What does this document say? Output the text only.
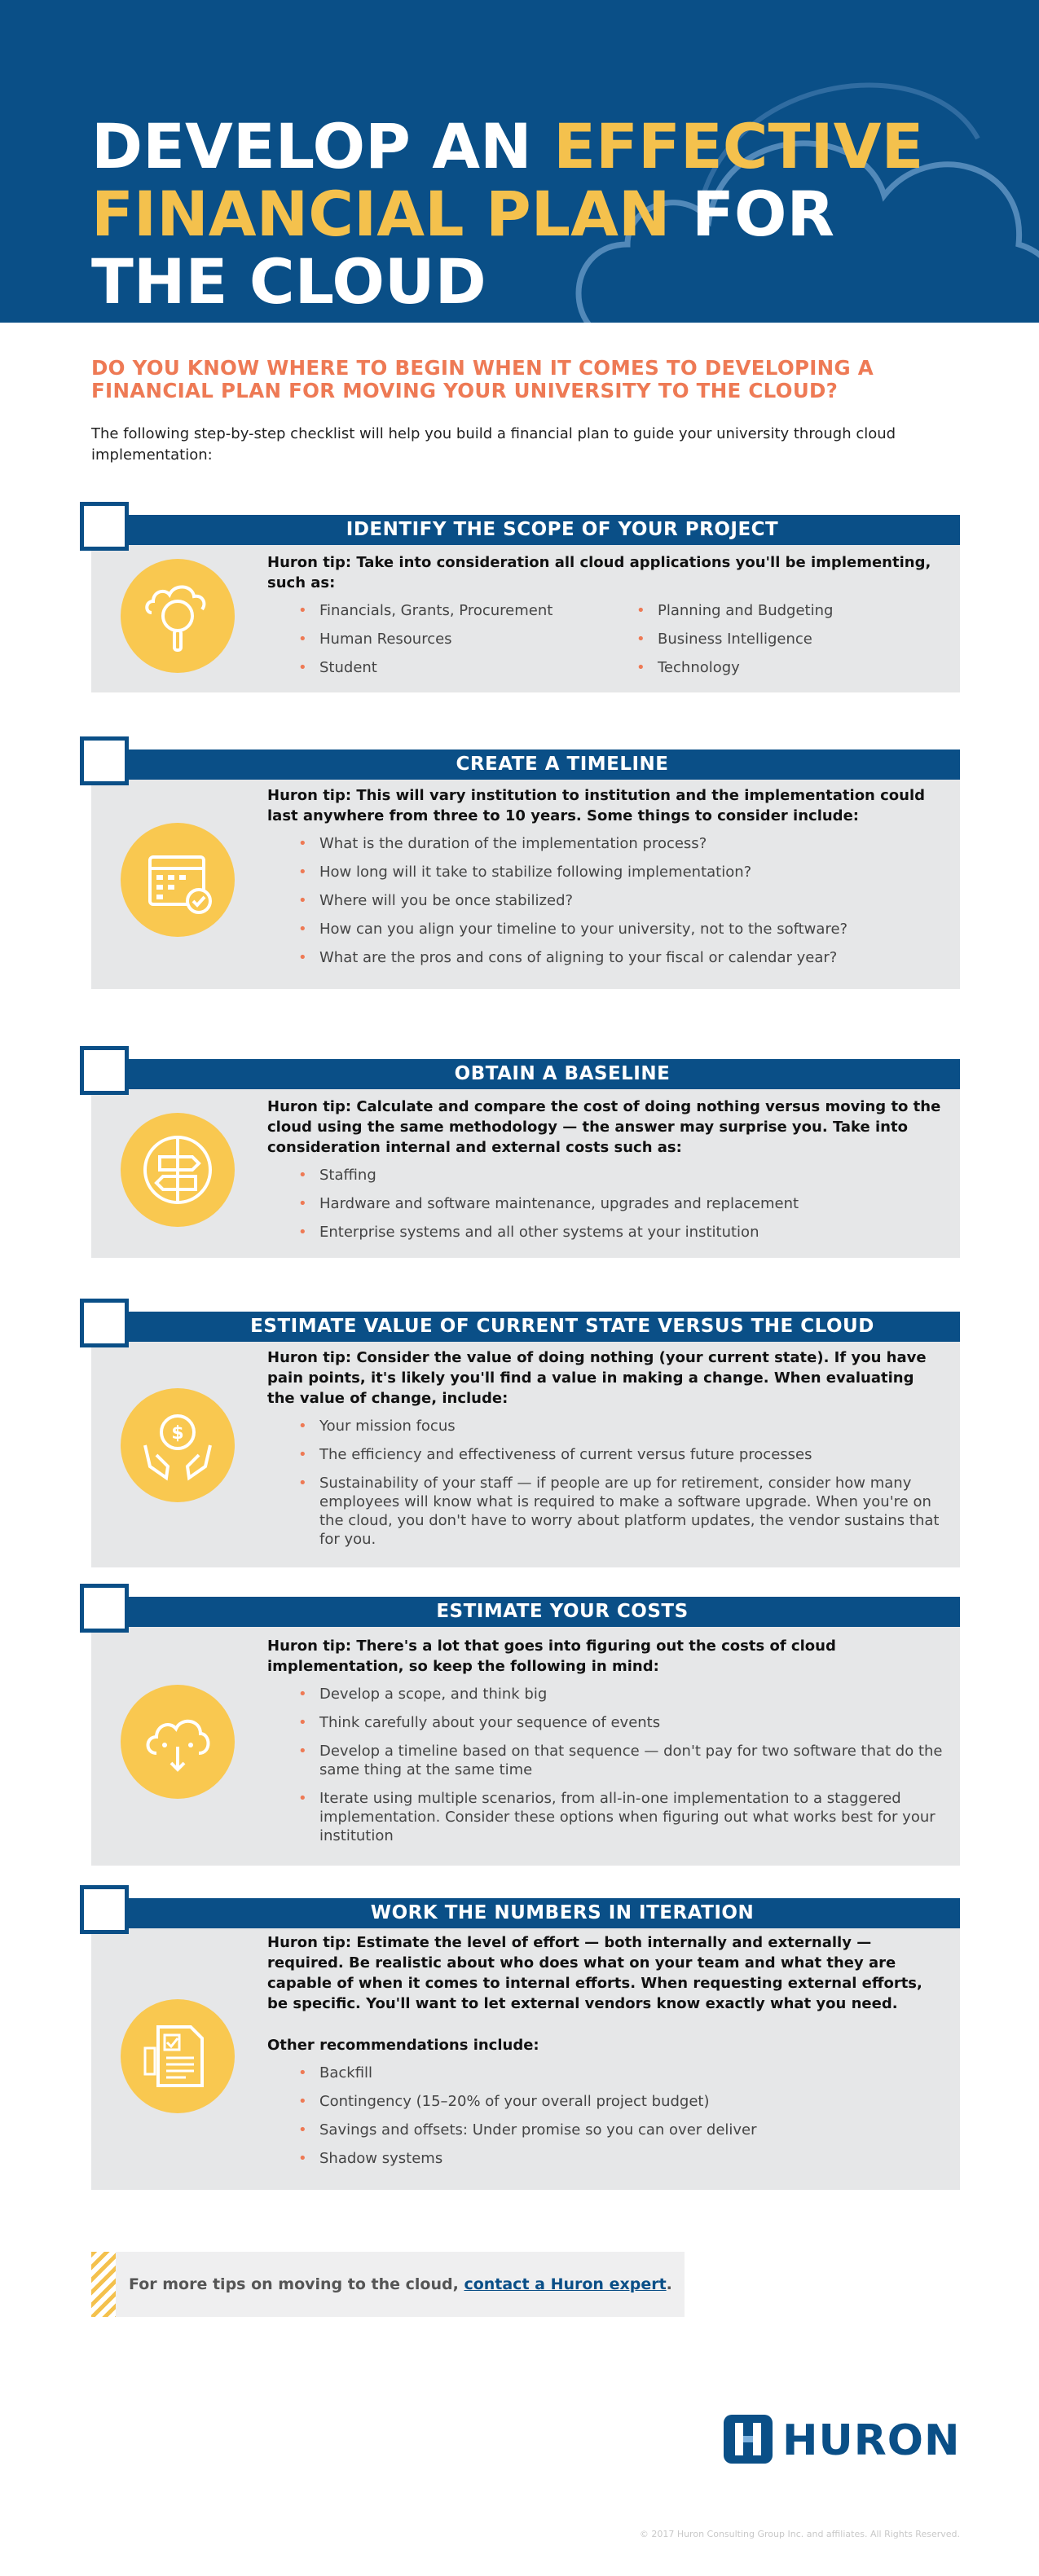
DEVELOP AN EFFECTIVE
FINANCIAL PLAN FOR
THE CLOUD

DO YOU KNOW WHERE TO BEGIN WHEN IT COMES TO DEVELOPING A FINANCIAL PLAN FOR MOVING YOUR UNIVERSITY TO THE CLOUD?

The following step-by-step checklist will help you build a financial plan to guide your university through cloud implementation:

IDENTIFY THE SCOPE OF YOUR PROJECT

Huron tip: Take into consideration all cloud applications you'll be implementing, such as:

• Financials, Grants, Procurement
• Human Resources
• Student
• Planning and Budgeting
• Business Intelligence
• Technology
CREATE A TIMELINE

Huron tip: This will vary institution to institution and the implementation could last anywhere from three to 10 years. Some things to consider include:

• What is the duration of the implementation process?
• How long will it take to stabilize following implementation?
• Where will you be once stabilized?
• How can you align your timeline to your university, not to the software?
• What are the pros and cons of aligning to your fiscal or calendar year?
OBTAIN A BASELINE

Huron tip: Calculate and compare the cost of doing nothing versus moving to the cloud using the same methodology — the answer may surprise you. Take into consideration internal and external costs such as:

• Staffing
• Hardware and software maintenance, upgrades and replacement
• Enterprise systems and all other systems at your institution
ESTIMATE VALUE OF CURRENT STATE VERSUS THE CLOUD
$

Huron tip: Consider the value of doing nothing (your current state). If you have pain points, it's likely you'll find a value in making a change. When evaluating the value of change, include:

• Your mission focus
• The efficiency and effectiveness of current versus future processes
• Sustainability of your staff — if people are up for retirement, consider how many employees will know what is required to make a software upgrade. When you're on the cloud, you don't have to worry about platform updates, the vendor sustains that for you.
ESTIMATE YOUR COSTS

Huron tip: There's a lot that goes into figuring out the costs of cloud implementation, so keep the following in mind:

• Develop a scope, and think big
• Think carefully about your sequence of events
• Develop a timeline based on that sequence — don't pay for two software that do the same thing at the same time
• Iterate using multiple scenarios, from all-in-one implementation to a staggered implementation. Consider these options when figuring out what works best for your institution
WORK THE NUMBERS IN ITERATION

Huron tip: Estimate the level of effort — both internally and externally — required. Be realistic about who does what on your team and what they are capable of when it comes to internal efforts. When requesting external efforts, be specific. You'll want to let external vendors know exactly what you need.

Other recommendations include:

• Backfill
• Contingency (15–20% of your overall project budget)
• Savings and offsets: Under promise so you can over deliver
• Shadow systems

For more tips on moving to the cloud, contact a Huron expert.

HURON

© 2017 Huron Consulting Group Inc. and affiliates. All Rights Reserved.
